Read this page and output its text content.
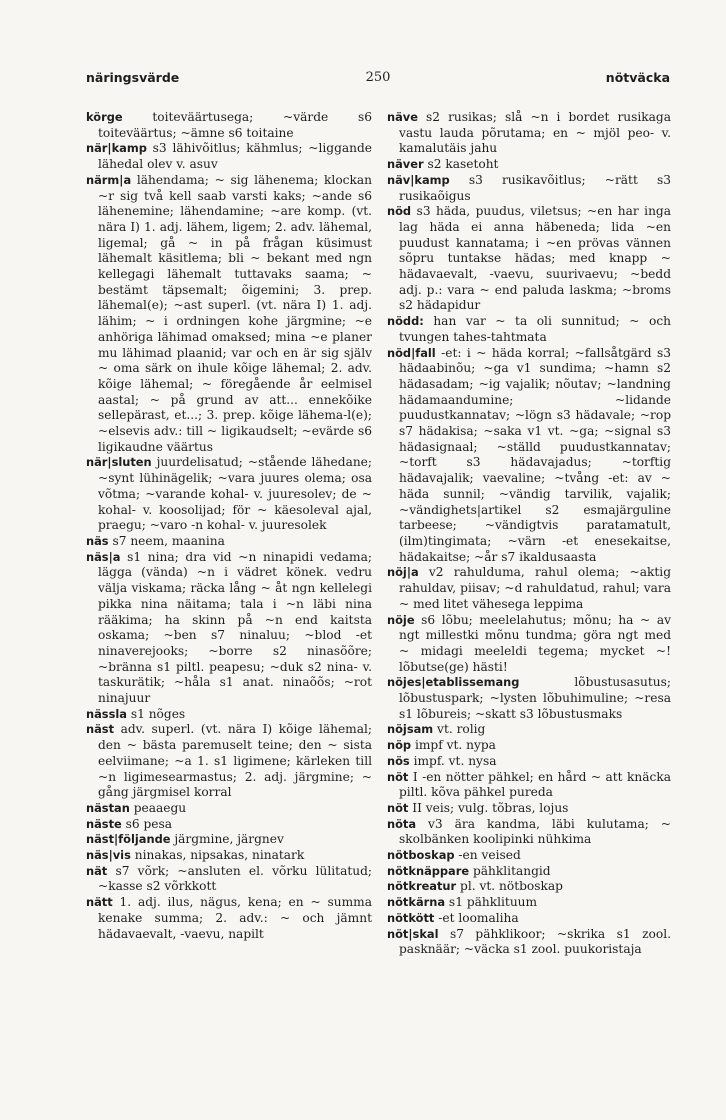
näringsvärde	250	nötväcka

körge toiteväärtusega; ~värde s6 toiteväärtus; ~ämne s6 toitaine

när|kamp s3 lähivõitlus; kähmlus; ~liggande lähedal olev v. asuv

närm|a lähendama; ~ sig lähenema; klockan ~r sig två kell saab varsti kaks; ~ande s6 lähenemine; lähendamine; ~are komp. (vt. nära I) 1. adj. lähem, ligem; 2. adv. lähemal, ligemal; gå ~ in på frågan küsimust lähemalt käsitlema; bli ~ bekant med ngn kellegagi lähemalt tuttavaks saama; ~ bestämt täpsemalt; õigemini; 3. prep. lähemal(e); ~ast superl. (vt. nära I) 1. adj. lähim; ~ i ordningen kohe järgmine; ~e anhöriga lähimad omaksed; mina ~e planer mu lähimad plaanid; var och en är sig själv ~ oma särk on ihule kõige lähemal; 2. adv. kõige lähemal; ~ föregående år eelmisel aastal; ~ på grund av att... ennekõike sellepärast, et...; 3. prep. kõige lähema-l(e); ~elsevis adv.: till ~ ligikaudselt; ~evärde s6 ligikaudne väärtus

när|sluten juurdelisatud; ~stående lähedane; ~synt lühinägelik; ~vara juures olema; osa võtma; ~varande kohal- v. juuresolev; de ~ kohal- v. koosolijad; för ~ käesoleval ajal, praegu; ~varo -n kohal- v. juuresolek

näs s7 neem, maanina

näs|a s1 nina; dra vid ~n ninapidi vedama; lägga (vända) ~n i vädret könek. vedru välja viskama; räcka lång ~ åt ngn kellelegi pikka nina näitama; tala i ~n läbi nina rääkima; ha skinn på ~n end kaitsta oskama; ~ben s7 ninaluu; ~blod -et ninaverejooks; ~borre s2 ninasõõre; ~bränna s1 piltl. peapesu; ~duk s2 nina- v. taskurätik; ~håla s1 anat. ninaõõs; ~rot ninajuur

nässla s1 nõges

näst adv. superl. (vt. nära I) kõige lähemal; den ~ bästa paremuselt teine; den ~ sista eelviimane; ~a 1. s1 ligimene; kärleken till ~n ligimesearmastus; 2. adj. järgmine; ~ gång järgmisel korral

nästan peaaegu

näste s6 pesa

näst|följande järgmine, järgnev

näs|vis ninakas, nipsakas, ninatark

nät s7 võrk; ~ansluten el. võrku lülitatud; ~kasse s2 võrkkott

nätt 1. adj. ilus, nägus, kena; en ~ summa kenake summa; 2. adv.: ~ och jämnt hädavaevalt, -vaevu, napilt

näve s2 rusikas; slå ~n i bordet rusikaga vastu lauda põrutama; en ~ mjöl peo- v. kamalutäis jahu

näver s2 kasetoht

näv|kamp s3 rusikavõitlus; ~rätt s3 rusikaõigus

nöd s3 häda, puudus, viletsus; ~en har inga lag häda ei anna häbeneda; lida ~en puudust kannatama; i ~en prövas vännen sõpru tuntakse hädas; med knapp ~ hädavaevalt, -vaevu, suurivaevu; ~bedd adj. p.: vara ~ end paluda laskma; ~broms s2 hädapidur

nödd: han var ~ ta oli sunnitud; ~ och tvungen tahes-tahtmata

nöd|fall -et: i ~ häda korral; ~fallsåtgärd s3 hädaabinõu; ~ga v1 sundima; ~hamn s2 hädasadam; ~ig vajalik; nõutav; ~landning hädamaandumine; ~lidande puudustkannatav; ~lögn s3 hädavale; ~rop s7 hädakisa; ~saka v1 vt. ~ga; ~signal s3 hädasignaal; ~ställd puudustkannatav; ~torft s3 hädavajadus; ~torftig hädavajalik; vaevaline; ~tvång -et: av ~ häda sunnil; ~vändig tarvilik, vajalik; ~vändighets|artikel s2 esmajärguline tarbeese; ~vändigtvis paratamatult, (ilm)tingimata; ~värn -et enesekaitse, hädakaitse; ~år s7 ikaldusaasta

nöj|a v2 rahulduma, rahul olema; ~aktig rahuldav, piisav; ~d rahuldatud, rahul; vara ~ med litet vähesega leppima

nöje s6 lõbu; meelelahutus; mõnu; ha ~ av ngt millestki mõnu tundma; göra ngt med ~ midagi meeleldi tegema; mycket ~! lõbutse(ge) hästi!

nöjes|etablissemang lõbustusasutus; lõbustuspark; ~lysten lõbuhimuline; ~resa s1 lõbureis; ~skatt s3 lõbustusmaks

nöjsam vt. rolig

nöp impf vt. nypa

nös impf. vt. nysa

nöt I -en nötter pähkel; en hård ~ att knäcka piltl. kõva pähkel pureda

nöt II veis; vulg. tõbras, lojus

nöta v3 ära kandma, läbi kulutama; ~ skolbänken koolipinki nühkima

nötboskap -en veised

nötknäppare pähklitangid

nötkreatur pl. vt. nötboskap

nötkärna s1 pähklituum

nötkött -et loomaliha

nöt|skal s7 pähklikoor; ~skrika s1 zool. pasknäär; ~väcka s1 zool. puukoristaja
